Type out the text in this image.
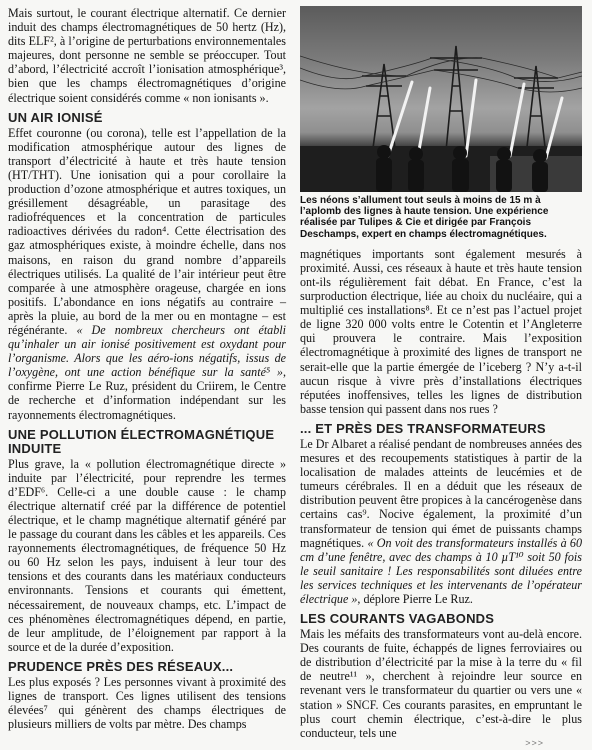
Mais surtout, le courant électrique alternatif. Ce dernier induit des champs électromagnétiques de 50 hertz (Hz), dits ELF², à l’origine de perturbations environnementales majeures, dont personne ne semble se préoccuper. Tout d’abord, l’électricité accroît l’ionisation atmosphérique³, bien que les champs électromagnétiques d’origine électrique soient considérés comme « non ionisants ».

UN AIR IONISÉ

Effet couronne (ou corona), telle est l’appellation de la modification atmosphérique autour des lignes de transport d’électricité à haute et très haute tension (HT/THT). Une ionisation qui a pour corollaire la production d’ozone atmosphérique et autres toxiques, un grésillement désagréable, un parasitage des radiofréquences et la concentration de particules radioactives dérivées du radon⁴. Cette électrisation des gaz atmosphériques existe, à moindre échelle, dans nos maisons, en raison du grand nombre d’appareils électriques utilisés. La qualité de l’air intérieur peut être comparée à une atmosphère orageuse, chargée en ions positifs. L’abondance en ions négatifs au contraire – après la pluie, au bord de la mer ou en montagne – est régénérante. « De nombreux chercheurs ont établi qu’inhaler un air ionisé positivement est oxydant pour l’organisme. Alors que les aéro-ions négatifs, issus de l’oxygène, ont une action bénéfique sur la santé⁵ », confirme Pierre Le Ruz, président du Criirem, le Centre de recherche et d’information indépendant sur les rayonnements électromagnétiques.

UNE POLLUTION ÉLECTROMAGNÉTIQUE INDUITE

Plus grave, la « pollution électromagnétique directe » induite par l’électricité, pour reprendre les termes d’EDF⁶. Celle-ci a une double cause : le champ électrique alternatif créé par la différence de potentiel électrique, et le champ magnétique alternatif généré par le passage du courant dans les câbles et les appareils. Ces rayonnements électromagnétiques, de fréquence 50 Hz ou 60 Hz selon les pays, induisent à leur tour des tensions et des courants dans les matériaux conducteurs environnants. Tensions et courants qui émettent, nécessairement, de nouveaux champs, etc. L’impact de ces phénomènes électromagnétiques dépend, en partie, de leur amplitude, de l’éloignement par rapport à la source et de la durée d’exposition.

PRUDENCE PRÈS DES RÉSEAUX...

Les plus exposés ? Les personnes vivant à proximité des lignes de transport. Ces lignes utilisent des tensions élevées⁷ qui génèrent des champs électriques de plusieurs milliers de volts par mètre. Des champs

Les néons s’allument tout seuls à moins de 15 m à l’aplomb des lignes à haute tension. Une expérience réalisée par Tulipes & Cie et dirigée par François Deschamps, expert en champs électromagnétiques.

magnétiques importants sont également mesurés à proximité. Aussi, ces réseaux à haute et très haute tension ont-ils régulièrement fait débat. En France, c’est la surproduction électrique, liée au choix du nucléaire, qui a multiplié ces installations⁸. Et ce n’est pas l’actuel projet de ligne 320 000 volts entre le Cotentin et l’Angleterre qui prouvera le contraire. Mais l’exposition électromagnétique à proximité des lignes de transport ne serait-elle que la partie émergée de l’iceberg ? N’y a-t-il aucun risque à vivre près d’installations électriques réputées inoffensives, telles les lignes de distribution basse tension qui passent dans nos rues ?

... ET PRÈS DES TRANSFORMATEURS

Le Dr Albaret a réalisé pendant de nombreuses années des mesures et des recoupements statistiques à partir de la localisation de malades atteints de leucémies et de tumeurs cérébrales. Il en a déduit que les réseaux de distribution peuvent être propices à la cancérogenèse dans certains cas⁹. Nocive également, la proximité d’un transformateur de tension qui émet de puissants champs magnétiques. « On voit des transformateurs installés à 60 cm d’une fenêtre, avec des champs à 10 µT¹⁰ soit 50 fois le seuil sanitaire ! Les responsabilités sont diluées entre les services techniques et les intervenants de l’opérateur électrique », déplore Pierre Le Ruz.

LES COURANTS VAGABONDS

Mais les méfaits des transformateurs vont au-delà encore. Des courants de fuite, échappés de lignes ferroviaires ou de distribution d’électricité par la mise à la terre du « fil de neutre¹¹ », cherchent à rejoindre leur source en revenant vers le transformateur du quartier ou vers une « station » SNCF. Ces courants parasites, en empruntant le plus court chemin électrique, c’est-à-dire le plus conducteur, tels une

>>>
